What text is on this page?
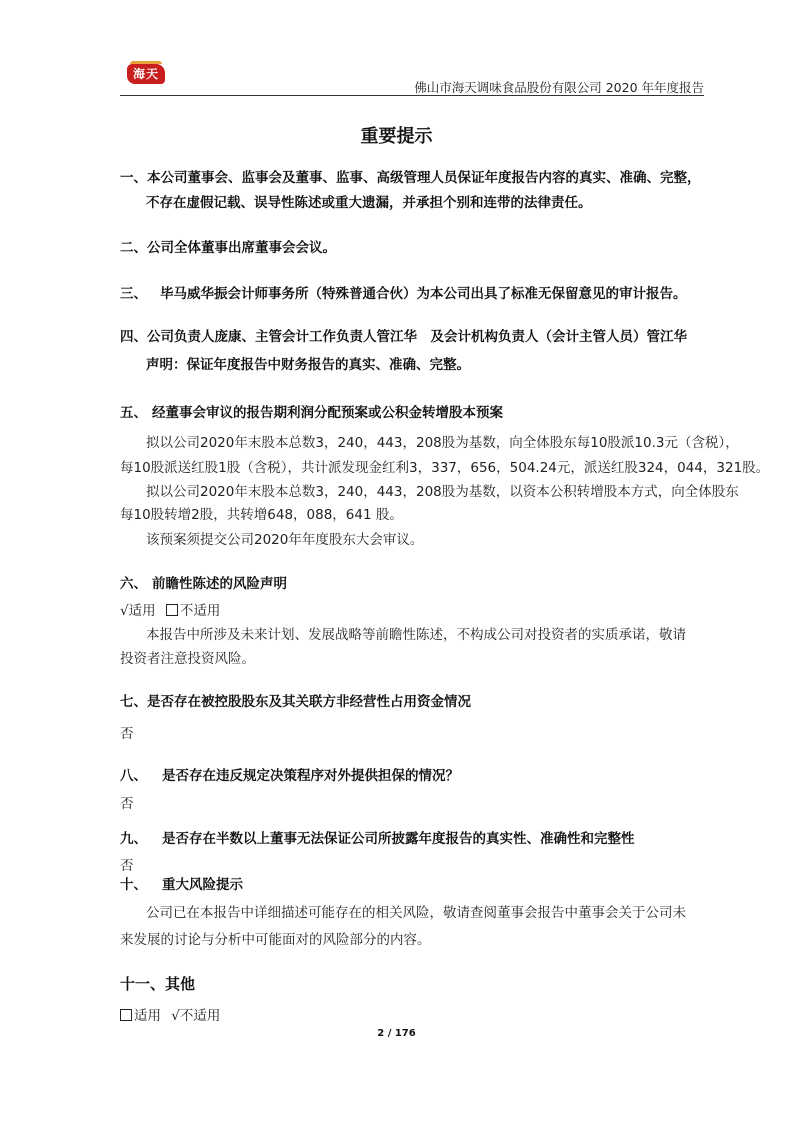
海天
佛山市海天调味食品股份有限公司 2020 年年度报告
重要提示
一、本公司董事会、监事会及董事、监事、高级管理人员保证年度报告内容的真实、准确、完整，
不存在虚假记载、误导性陈述或重大遗漏，并承担个别和连带的法律责任。
二、公司全体董事出席董事会会议。
三、 毕马威华振会计师事务所（特殊普通合伙）为本公司出具了标准无保留意见的审计报告。
四、公司负责人庞康、主管会计工作负责人管江华　及会计机构负责人（会计主管人员）管江华
声明：保证年度报告中财务报告的真实、准确、完整。
五、 经董事会审议的报告期利润分配预案或公积金转增股本预案
拟以公司2020年末股本总数3，240，443，208股为基数，向全体股东每10股派10.3元（含税），
每10股派送红股1股（含税），共计派发现金红利3，337，656，504.24元，派送红股324，044，321股。
拟以公司2020年末股本总数3，240，443，208股为基数，以资本公积转增股本方式，向全体股东
每10股转增2股，共转增648，088，641 股。
该预案须提交公司2020年年度股东大会审议。
六、 前瞻性陈述的风险声明
√适用 不适用
本报告中所涉及未来计划、发展战略等前瞻性陈述，不构成公司对投资者的实质承诺，敬请
投资者注意投资风险。
七、是否存在被控股股东及其关联方非经营性占用资金情况
否
八、 是否存在违反规定决策程序对外提供担保的情况？
否
九、 是否存在半数以上董事无法保证公司所披露年度报告的真实性、准确性和完整性
否
十、 重大风险提示
公司已在本报告中详细描述可能存在的相关风险，敬请查阅董事会报告中董事会关于公司未
来发展的讨论与分析中可能面对的风险部分的内容。
十一、其他
适用 √不适用
2 / 176
